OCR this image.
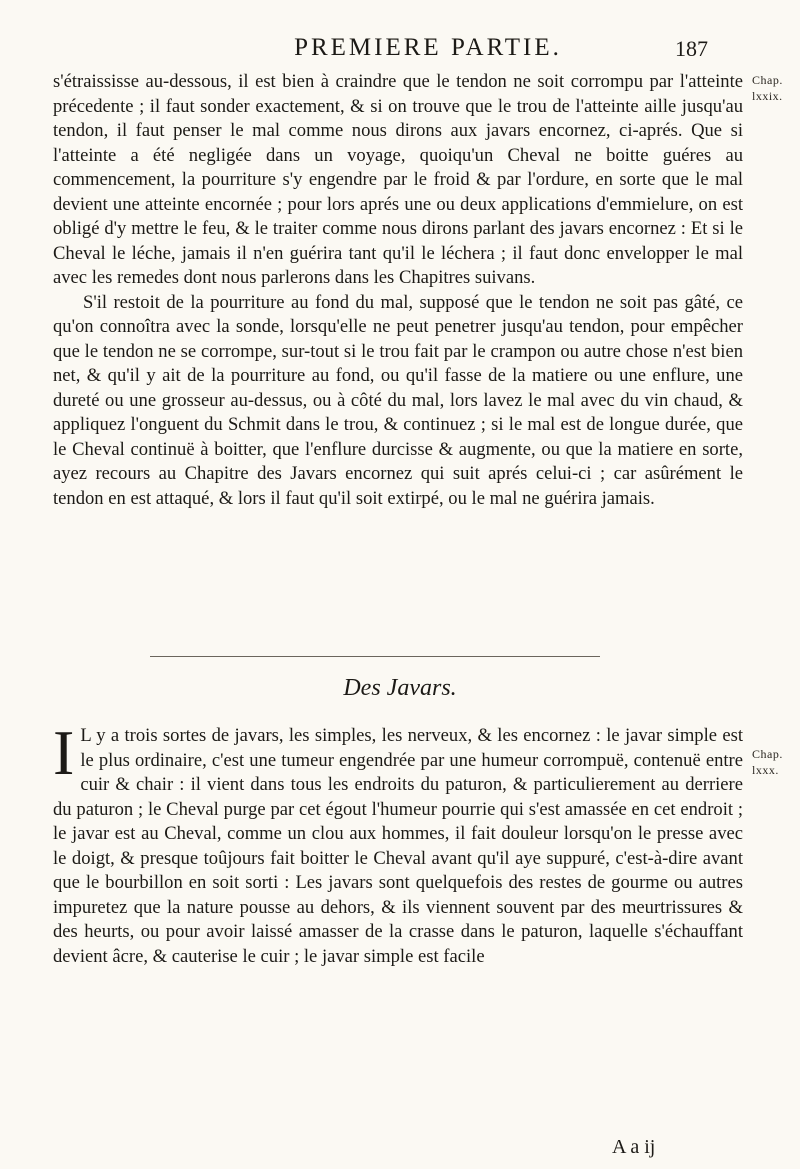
PREMIERE PARTIE.	187
Chap. lxxix.

s'étraississe au-dessous, il est bien à craindre que le tendon ne soit corrompu par l'atteinte précedente ; il faut sonder exactement, & si on trouve que le trou de l'atteinte aille jusqu'au tendon, il faut penser le mal comme nous dirons aux javars encornez, ci-aprés. Que si l'atteinte a été negligée dans un voyage, quoiqu'un Cheval ne boitte guéres au commencement, la pourriture s'y engendre par le froid & par l'ordure, en sorte que le mal devient une atteinte encornée ; pour lors aprés une ou deux applications d'emmielure, on est obligé d'y mettre le feu, & le traiter comme nous dirons parlant des javars encornez : Et si le Cheval le léche, jamais il n'en guérira tant qu'il le léchera ; il faut donc envelopper le mal avec les remedes dont nous parlerons dans les Chapitres suivans.

S'il restoit de la pourriture au fond du mal, supposé que le tendon ne soit pas gâté, ce qu'on connoîtra avec la sonde, lorsqu'elle ne peut penetrer jusqu'au tendon, pour empêcher que le tendon ne se corrompe, sur-tout si le trou fait par le crampon ou autre chose n'est bien net, & qu'il y ait de la pourriture au fond, ou qu'il fasse de la matiere ou une enflure, une dureté ou une grosseur au-dessus, ou à côté du mal, lors lavez le mal avec du vin chaud, & appliquez l'onguent du Schmit dans le trou, & continuez ; si le mal est de longue durée, que le Cheval continuë à boitter, que l'enflure durcisse & augmente, ou que la matiere en sorte, ayez recours au Chapitre des Javars encornez qui suit aprés celui-ci ; car asûrément le tendon en est attaqué, & lors il faut qu'il soit extirpé, ou le mal ne guérira jamais.

Des Javars.
Chap. lxxx.

I L y a trois sortes de javars, les simples, les nerveux, & les encornez : le javar simple est le plus ordinaire, c'est une tumeur engendrée par une humeur corrompuë, contenuë entre cuir & chair : il vient dans tous les endroits du paturon, & particulierement au derriere du paturon ; le Cheval purge par cet égout l'humeur pourrie qui s'est amassée en cet endroit ; le javar est au Cheval, comme un clou aux hommes, il fait douleur lorsqu'on le presse avec le doigt, & presque toûjours fait boitter le Cheval avant qu'il aye suppuré, c'est-à-dire avant que le bourbillon en soit sorti : Les javars sont quelquefois des restes de gourme ou autres impuretez que la nature pousse au dehors, & ils viennent souvent par des meurtrissures & des heurts, ou pour avoir laissé amasser de la crasse dans le paturon, laquelle s'échauffant devient âcre, & cauterise le cuir ; le javar simple est facile

A a ij
